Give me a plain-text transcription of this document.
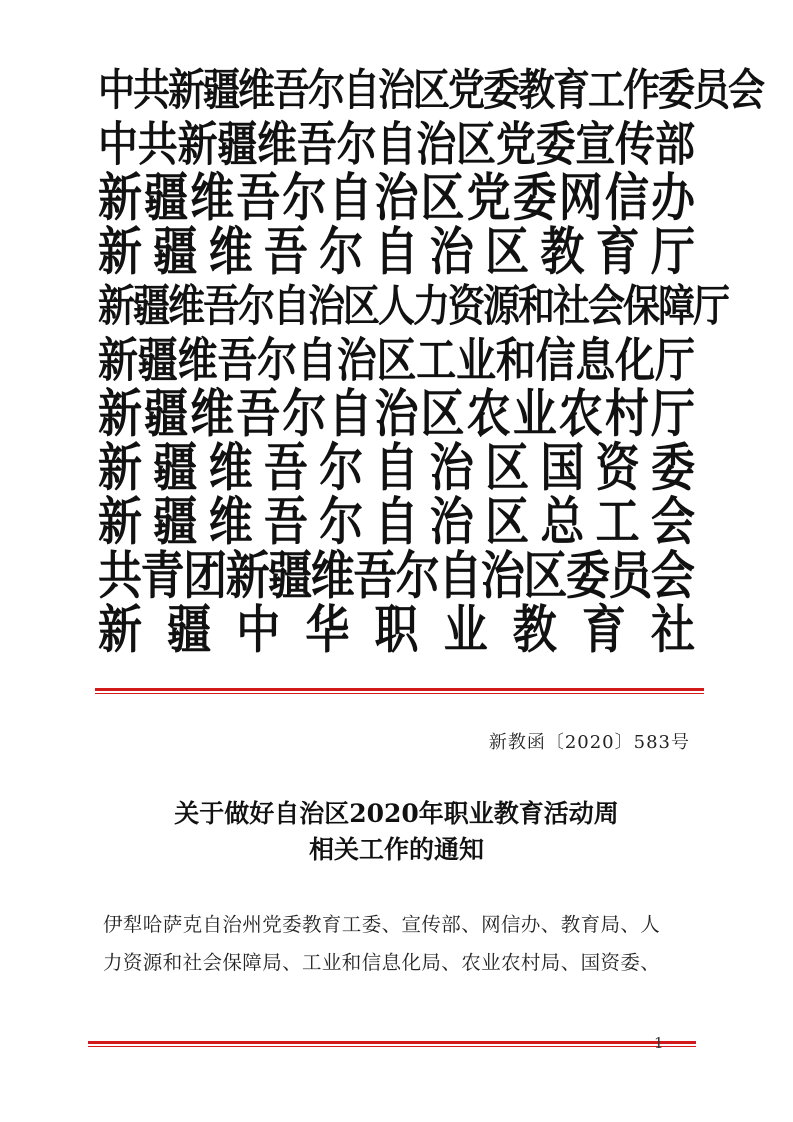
中
共
新
疆
维
吾
尔
自
治
区
党
委
教
育
工
作
委
员
会
中 共 新 疆 维 吾 尔 自 治 区 党 委 宣 传 部
新 疆 维 吾 尔 自 治 区 党 委 网 信 办
新 疆 维 吾 尔 自 治 区 教 育 厅
新
疆
维
吾
尔
自
治
区
人
力
资
源
和
社
会
保
障
厅
新 疆 维 吾 尔 自 治 区 工 业 和 信 息 化 厅
新 疆 维 吾 尔 自 治 区 农 业 农 村 厅
新 疆 维 吾 尔 自 治 区 国 资 委
新 疆 维 吾 尔 自 治 区 总 工 会
共
青
团
新
疆
维
吾
尔
自
治
区
委
员
会
新 疆 中 华 职 业 教 育 社
新教函〔2020〕583号
关于做好自治区2020年职业教育活动周
相关工作的通知
伊犁哈萨克自治州党委教育工委、宣传部、网信办、教育局、人
力资源和社会保障局、工业和信息化局、农业农村局、国资委、
1
